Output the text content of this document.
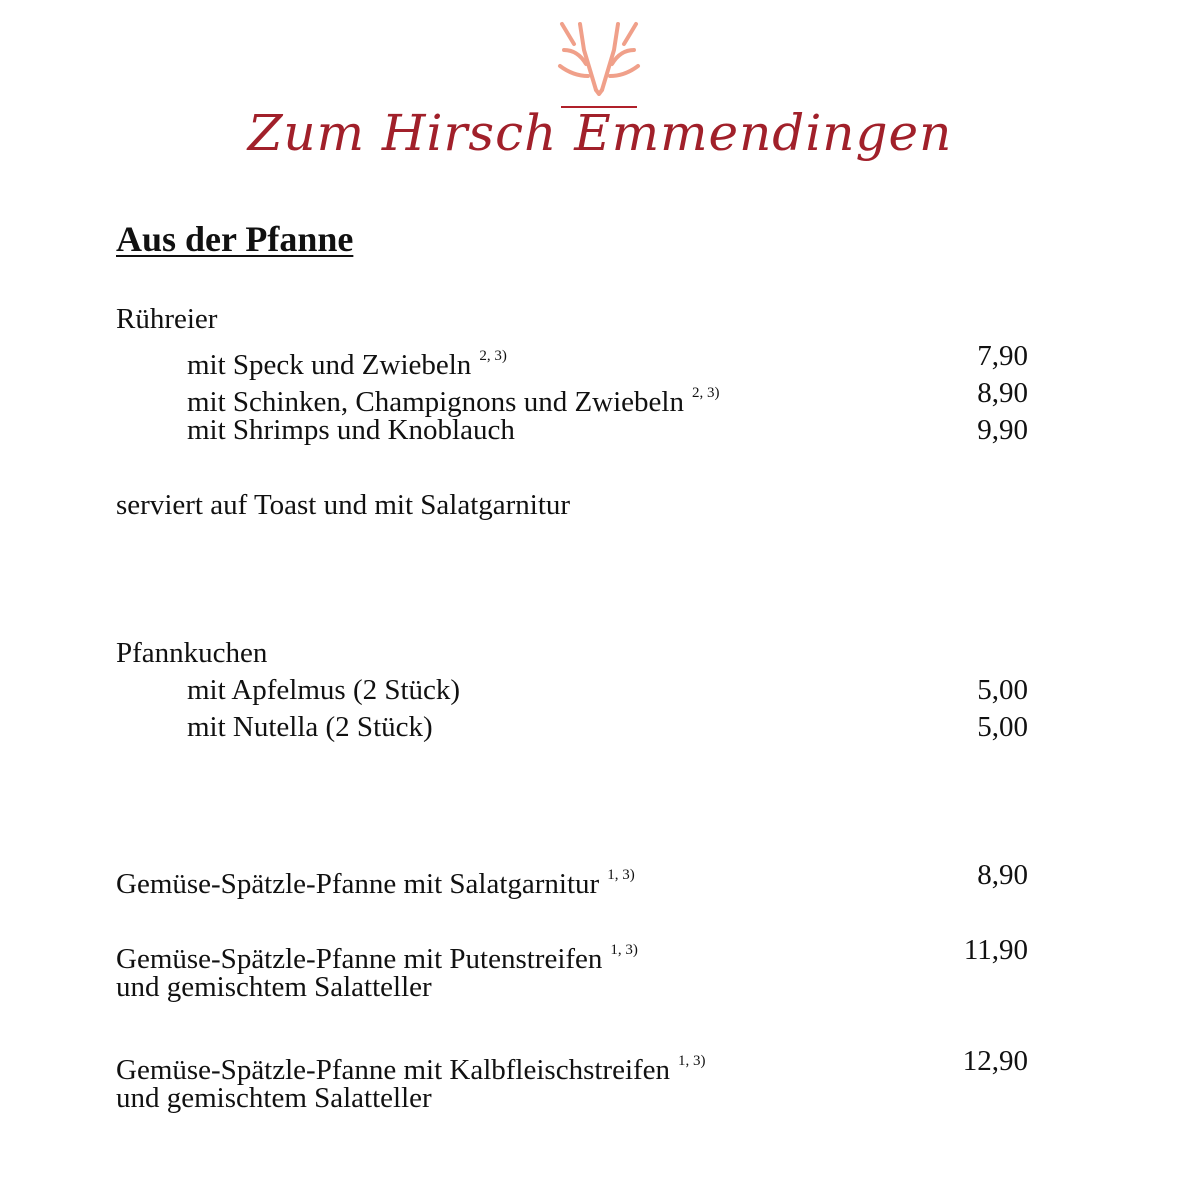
Zum Hirsch Emmendingen
Aus der Pfanne
Rühreier
mit Speck und Zwiebeln $^{2, 3)}$	7,90
mit Schinken, Champignons und Zwiebeln $^{2, 3)}$	8,90
mit Shrimps und Knoblauch	9,90
serviert auf Toast und mit Salatgarnitur
Pfannkuchen
mit Apfelmus (2 Stück)	5,00
mit Nutella (2 Stück)	5,00
Gemüse-Spätzle-Pfanne mit Salatgarnitur $^{1, 3)}$	8,90
Gemüse-Spätzle-Pfanne mit Putenstreifen $^{1, 3)}$	11,90
und gemischtem Salatteller
Gemüse-Spätzle-Pfanne mit Kalbfleischstreifen $^{1, 3)}$	12,90
und gemischtem Salatteller
